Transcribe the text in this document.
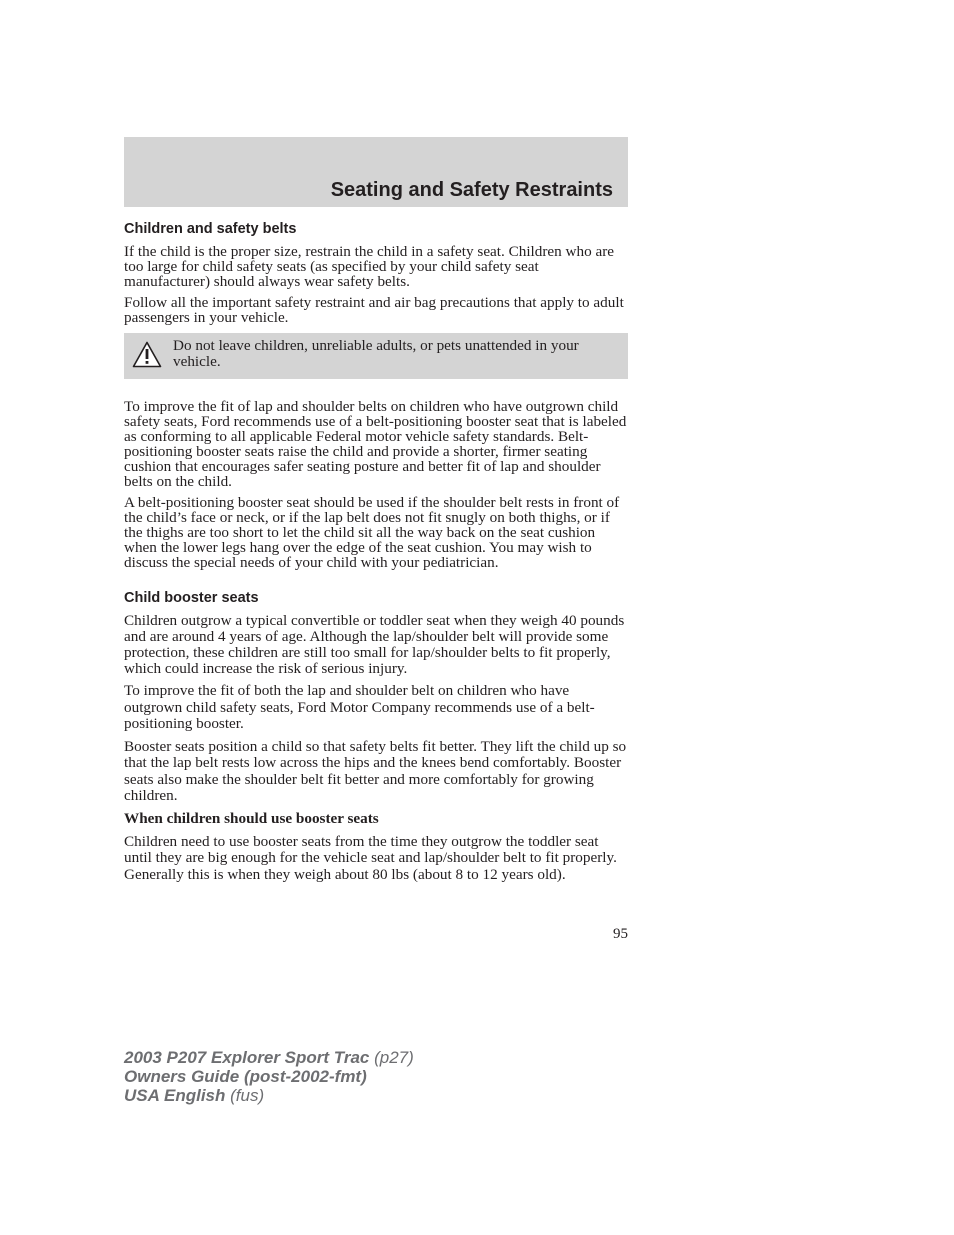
Seating and Safety Restraints
Children and safety belts

If the child is the proper size, restrain the child in a safety seat. Children who are too large for child safety seats (as specified by your child safety seat manufacturer) should always wear safety belts.

Follow all the important safety restraint and air bag precautions that apply to adult passengers in your vehicle.

Do not leave children, unreliable adults, or pets unattended in your vehicle.

To improve the fit of lap and shoulder belts on children who have outgrown child safety seats, Ford recommends use of a belt-positioning booster seat that is labeled as conforming to all applicable Federal motor vehicle safety standards. Belt-positioning booster seats raise the child and provide a shorter, firmer seating cushion that encourages safer seating posture and better fit of lap and shoulder belts on the child.

A belt-positioning booster seat should be used if the shoulder belt rests in front of the child’s face or neck, or if the lap belt does not fit snugly on both thighs, or if the thighs are too short to let the child sit all the way back on the seat cushion when the lower legs hang over the edge of the seat cushion. You may wish to discuss the special needs of your child with your pediatrician.

Child booster seats

Children outgrow a typical convertible or toddler seat when they weigh 40 pounds and are around 4 years of age. Although the lap/shoulder belt will provide some protection, these children are still too small for lap/shoulder belts to fit properly, which could increase the risk of serious injury.

To improve the fit of both the lap and shoulder belt on children who have outgrown child safety seats, Ford Motor Company recommends use of a belt-positioning booster.

Booster seats position a child so that safety belts fit better. They lift the child up so that the lap belt rests low across the hips and the knees bend comfortably. Booster seats also make the shoulder belt fit better and more comfortably for growing children.

When children should use booster seats

Children need to use booster seats from the time they outgrow the toddler seat until they are big enough for the vehicle seat and lap/shoulder belt to fit properly. Generally this is when they weigh about 80 lbs (about 8 to 12 years old).

95
2003 P207 Explorer Sport Trac (p27)
Owners Guide (post-2002-fmt)
USA English (fus)
